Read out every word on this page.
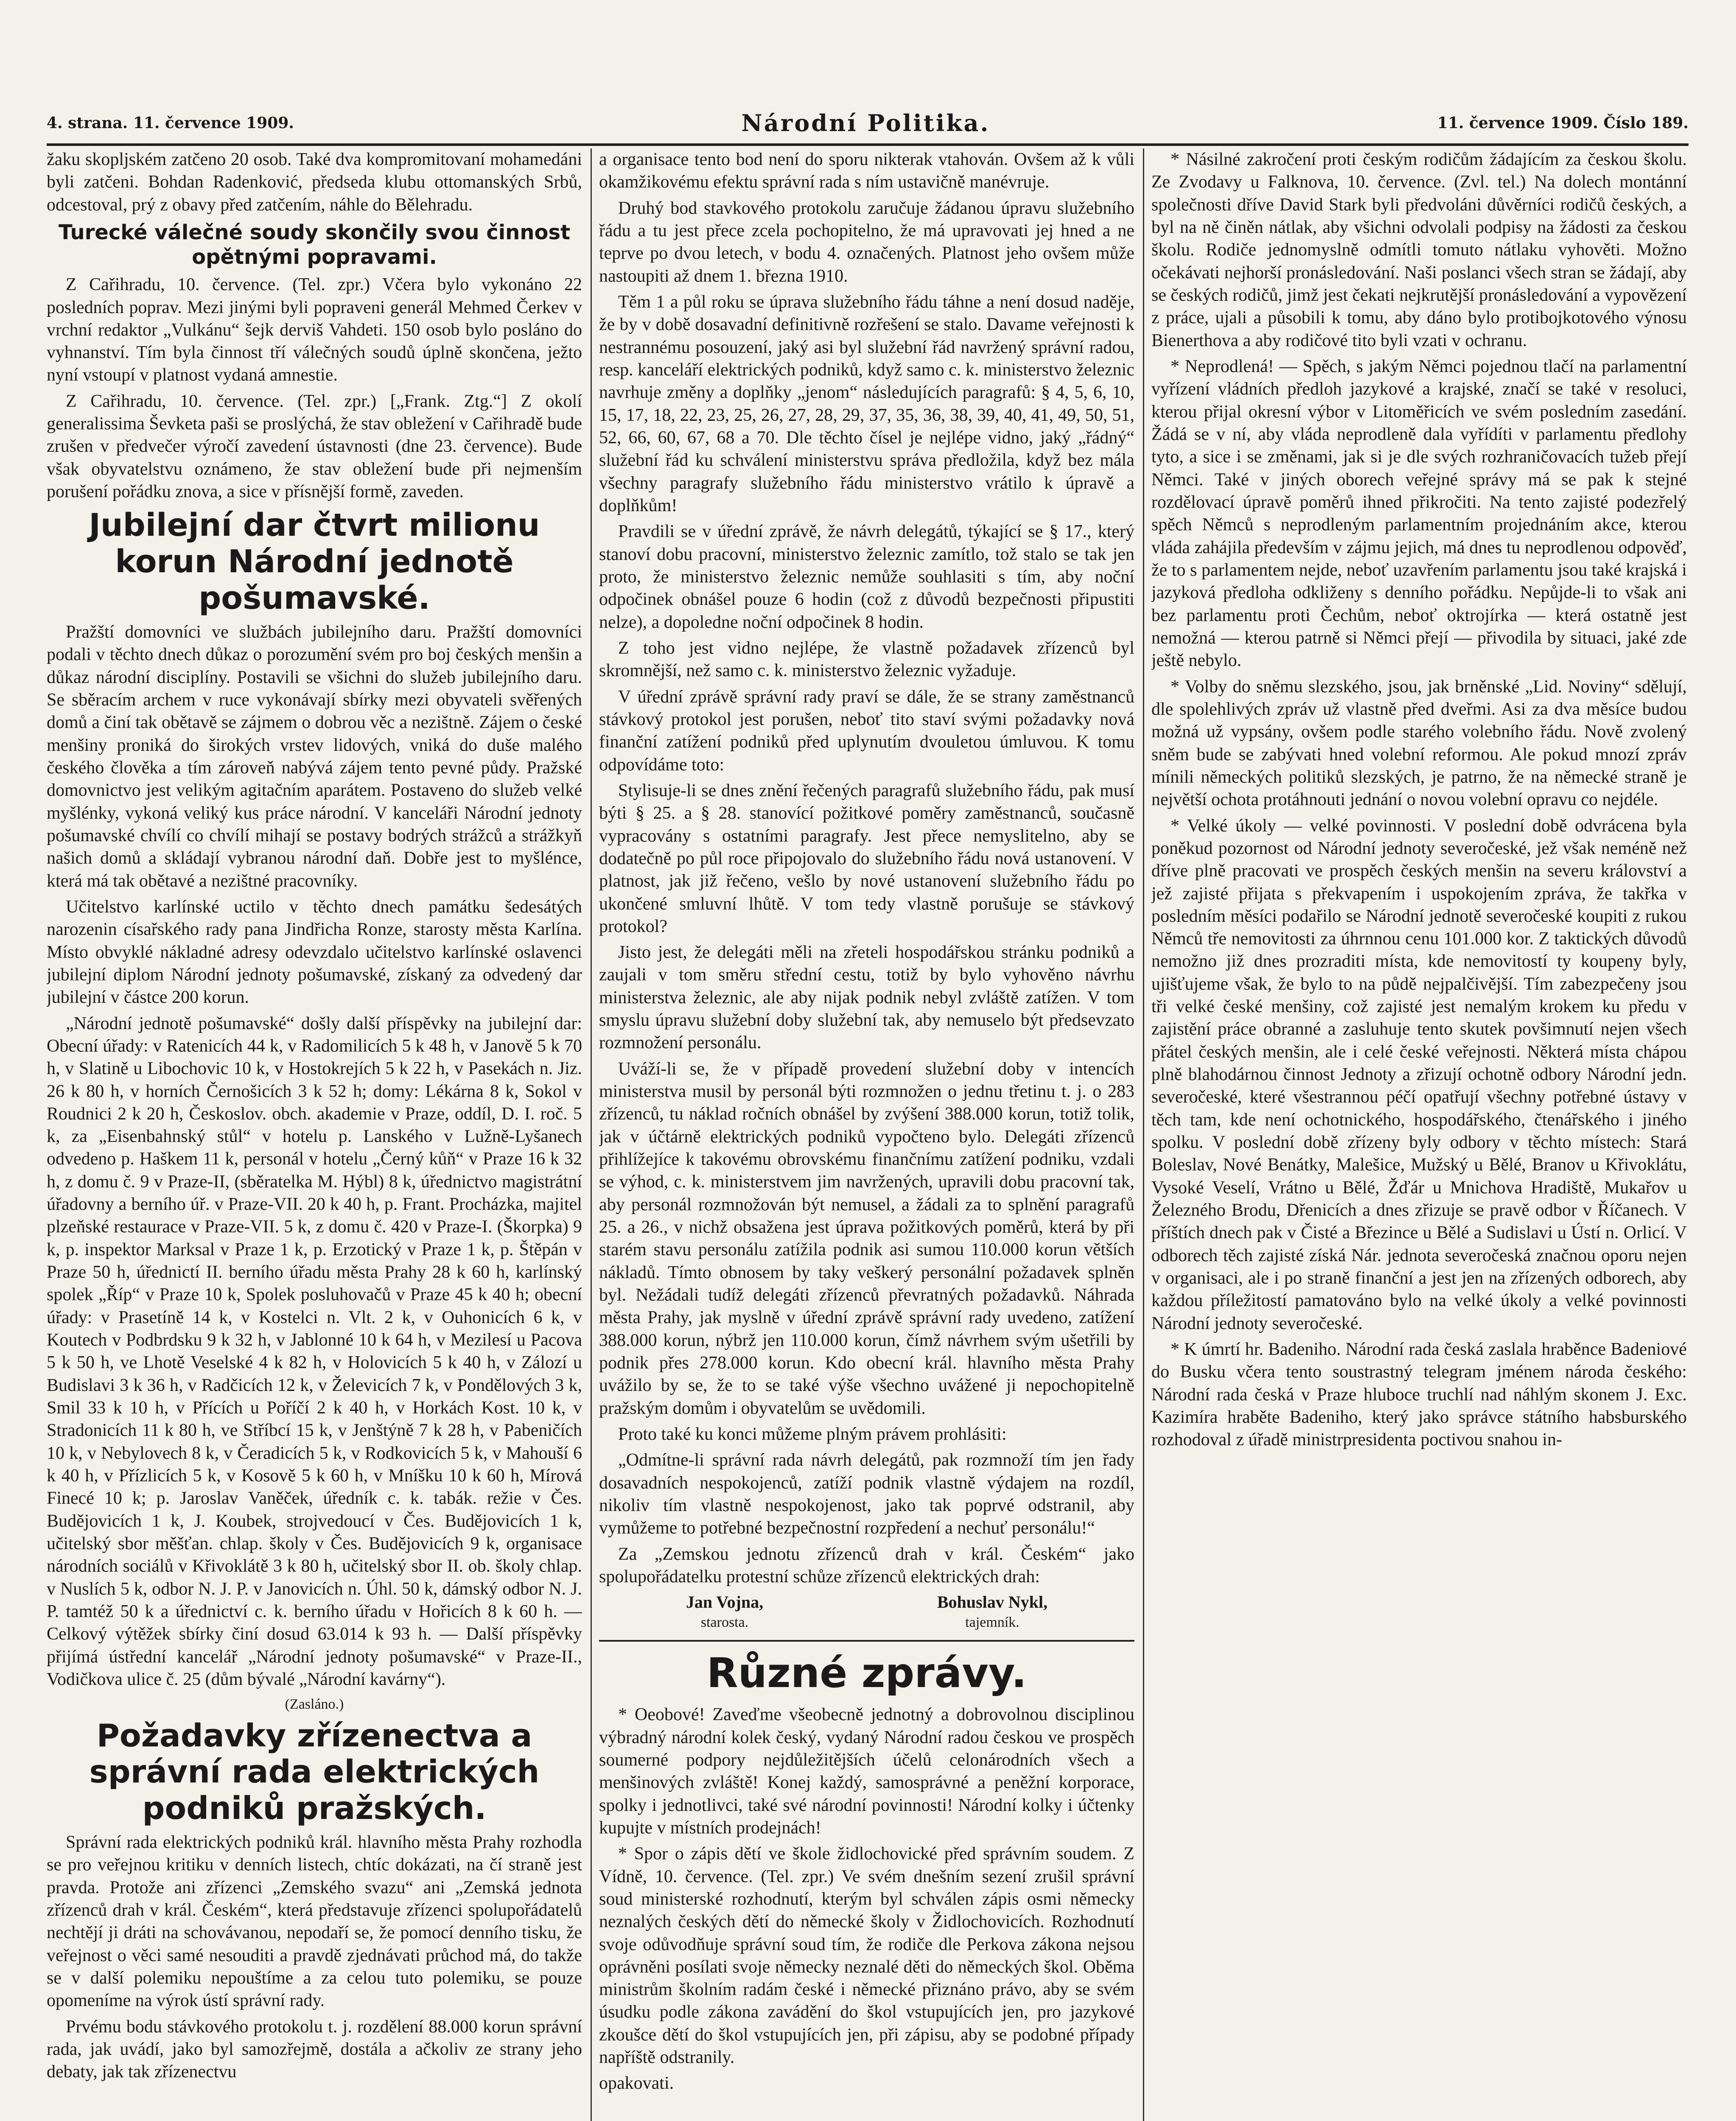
4. strana. 11. července 1909.	Národní Politika.	11. července 1909. Číslo 189.

žaku skopljském zatčeno 20 osob. Také dva kompromitovaní mohamedáni byli zatčeni. Bohdan Radenković, předseda klubu ottomanských Srbů, odcestoval, prý z obavy před zatčením, náhle do Bělehradu.

Turecké válečné soudy skončily svou činnost opětnými popravami.

Z Cařihradu, 10. července. (Tel. zpr.) Včera bylo vykonáno 22 posledních poprav. Mezi jinými byli popraveni generál Mehmed Čerkev v vrchní redaktor „Vulkánu“ šejk derviš Vahdeti. 150 osob bylo posláno do vyhnanství. Tím byla činnost tří válečných soudů úplně skončena, ježto nyní vstoupí v platnost vydaná amnestie.

Z Cařihradu, 10. července. (Tel. zpr.) [„Frank. Ztg.“] Z okolí generalissima Ševketa paši se proslýchá, že stav obležení v Cařihradě bude zrušen v předvečer výročí zavedení ústavnosti (dne 23. července). Bude však obyvatelstvu oznámeno, že stav obležení bude při nejmenším porušení pořádku znova, a sice v přísnější formě, zaveden.

Jubilejní dar čtvrt milionu korun Národní jednotě pošumavské.

Pražští domovníci ve službách jubilejního daru. Pražští domovníci podali v těchto dnech důkaz o porozumění svém pro boj českých menšin a důkaz národní disciplíny. Postavili se všichni do služeb jubilejního daru. Se sběracím archem v ruce vykonávají sbírky mezi obyvateli svěřených domů a činí tak obětavě se zájmem o dobrou věc a nezištně. Zájem o české menšiny proniká do širokých vrstev lidových, vniká do duše malého českého člověka a tím zároveň nabývá zájem tento pevné půdy. Pražské domovnictvo jest velikým agitačním aparátem. Postaveno do služeb velké myšlénky, vykoná veliký kus práce národní. V kanceláři Národní jednoty pošumavské chvílí co chvílí mihají se postavy bodrých strážců a strážkyň našich domů a skládají vybranou národní daň. Dobře jest to myšlénce, která má tak obětavé a nezištné pracovníky.

Učitelstvo karlínské uctilo v těchto dnech památku šedesátých narozenin císařského rady pana Jindřicha Ronze, starosty města Karlína. Místo obvyklé nákladné adresy odevzdalo učitelstvo karlínské oslavenci jubilejní diplom Národní jednoty pošumavské, získaný za odvedený dar jubilejní v částce 200 korun.

„Národní jednotě pošumavské“ došly další příspěvky na jubilejní dar: Obecní úřady: v Ratenicích 44 k, v Radomilicích 5 k 48 h, v Janově 5 k 70 h, v Slatině u Libochovic 10 k, v Hostokrejích 5 k 22 h, v Pasekách n. Jiz. 26 k 80 h, v horních Černošicích 3 k 52 h; domy: Lékárna 8 k, Sokol v Roudnici 2 k 20 h, Českoslov. obch. akademie v Praze, oddíl, D. I. roč. 5 k, za „Eisenbahnský stůl“ v hotelu p. Lanského v Lužně-Lyšanech odvedeno p. Haškem 11 k, personál v hotelu „Černý kůň“ v Praze 16 k 32 h, z domu č. 9 v Praze-II, (sběratelka M. Hýbl) 8 k, úřednictvo magistrátní úřadovny a berního úř. v Praze-VII. 20 k 40 h, p. Frant. Procházka, majitel plzeňské restaurace v Praze-VII. 5 k, z domu č. 420 v Praze-I. (Škorpka) 9 k, p. inspektor Marksal v Praze 1 k, p. Erzotický v Praze 1 k, p. Štěpán v Praze 50 h, úřednictí II. berního úřadu města Prahy 28 k 60 h, karlínský spolek „Říp“ v Praze 10 k, Spolek posluhovačů v Praze 45 k 40 h; obecní úřady: v Prasetíně 14 k, v Kostelci n. Vlt. 2 k, v Ouhonicích 6 k, v Koutech v Podbrdsku 9 k 32 h, v Jablonné 10 k 64 h, v Mezilesí u Pacova 5 k 50 h, ve Lhotě Veselské 4 k 82 h, v Holovicích 5 k 40 h, v Zálozí u Budislavi 3 k 36 h, v Radčicích 12 k, v Želevicích 7 k, v Pondělových 3 k, Smil 33 k 10 h, v Přících u Poříčí 2 k 40 h, v Horkách Kost. 10 k, v Stradonicích 11 k 80 h, ve Stříbcí 15 k, v Jenštýně 7 k 28 h, v Pabeničích 10 k, v Nebylovech 8 k, v Čeradicích 5 k, v Rodkovicích 5 k, v Mahouší 6 k 40 h, v Přízlicích 5 k, v Kosově 5 k 60 h, v Mníšku 10 k 60 h, Mírová Finecé 10 k; p. Jaroslav Vaněček, úředník c. k. tabák. režie v Čes. Budějovicích 1 k, J. Koubek, strojvedoucí v Čes. Budějovicích 1 k, učitelský sbor měšťan. chlap. školy v Čes. Budějovicích 9 k, organisace národních sociálů v Křivoklátě 3 k 80 h, učitelský sbor II. ob. školy chlap. v Nuslích 5 k, odbor N. J. P. v Janovicích n. Úhl. 50 k, dámský odbor N. J. P. tamtéž 50 k a úřednictví c. k. berního úřadu v Hořicích 8 k 60 h. — Celkový výtěžek sbírky činí dosud 63.014 k 93 h. — Další příspěvky přijímá ústřední kancelář „Národní jednoty pošumavské“ v Praze-II., Vodičkova ulice č. 25 (dům bývalé „Národní kavárny“).

(Zasláno.)
Požadavky zřízenectva a správní rada elektrických podniků pražských.

Správní rada elektrických podniků král. hlavního města Prahy rozhodla se pro veřejnou kritiku v denních listech, chtíc dokázati, na čí straně jest pravda. Protože ani zřízenci „Zemského svazu“ ani „Zemská jednota zřízenců drah v král. Českém“, která představuje zřízenci spolupořádatelů nechtějí ji dráti na schovávanou, nepodaří se, že pomocí denního tisku, že veřejnost o věci samé nesouditi a pravdě zjednávati průchod má, do takže se v další polemiku nepouštíme a za celou tuto polemiku, se pouze opomeníme na výrok ústí správní rady.

Prvému bodu stávkového protokolu t. j. rozdělení 88.000 korun správní rada, jak uvádí, jako byl samozřejmě, dostála a ačkoliv ze strany jeho debaty, jak tak zřízenectvu

a organisace tento bod není do sporu nikterak vtahován. Ovšem až k vůli okamžikovému efektu správní rada s ním ustavičně manévruje.

Druhý bod stavkového protokolu zaručuje žádanou úpravu služebního řádu a tu jest přece zcela pochopitelno, že má upravovati jej hned a ne teprve po dvou letech, v bodu 4. označených. Platnost jeho ovšem může nastoupiti až dnem 1. března 1910.

Těm 1 a půl roku se úprava služebního řádu táhne a není dosud naděje, že by v době dosavadní definitivně rozřešení se stalo. Davame veřejnosti k nestrannému posouzení, jaký asi byl služební řád navržený správní radou, resp. kanceláří elektrických podniků, když samo c. k. ministerstvo železnic navrhuje změny a doplňky „jenom“ následujících paragrafů: § 4, 5, 6, 10, 15, 17, 18, 22, 23, 25, 26, 27, 28, 29, 37, 35, 36, 38, 39, 40, 41, 49, 50, 51, 52, 66, 60, 67, 68 a 70. Dle těchto čísel je nejlépe vidno, jaký „řádný“ služební řád ku schválení ministerstvu správa předložila, když bez mála všechny paragrafy služebního řádu ministerstvo vrátilo k úpravě a doplňkům!

Pravdili se v úřední zprávě, že návrh delegátů, týkající se § 17., který stanoví dobu pracovní, ministerstvo železnic zamítlo, tož stalo se tak jen proto, že ministerstvo železnic nemůže souhlasiti s tím, aby noční odpočinek obnášel pouze 6 hodin (což z důvodů bezpečnosti připustiti nelze), a dopoledne noční odpočinek 8 hodin.

Z toho jest vidno nejlépe, že vlastně požadavek zřízenců byl skromnější, než samo c. k. ministerstvo železnic vyžaduje.

V úřední zprávě správní rady praví se dále, že se strany zaměstnanců stávkový protokol jest porušen, neboť tito staví svými požadavky nová finanční zatížení podniků před uplynutím dvouletou úmluvou. K tomu odpovídáme toto:

Stylisuje-li se dnes znění řečených paragrafů služebního řádu, pak musí býti § 25. a § 28. stanovící požitkové poměry zaměstnanců, současně vypracovány s ostatními paragrafy. Jest přece nemyslitelno, aby se dodatečně po půl roce připojovalo do služebního řádu nová ustanovení. V platnost, jak již řečeno, vešlo by nové ustanovení služebního řádu po ukončené smluvní lhůtě. V tom tedy vlastně porušuje se stávkový protokol?

Jisto jest, že delegáti měli na zřeteli hospodářskou stránku podniků a zaujali v tom směru střední cestu, totiž by bylo vyhověno návrhu ministerstva železnic, ale aby nijak podnik nebyl zvláště zatížen. V tom smyslu úpravu služební doby služební tak, aby nemuselo být předsevzato rozmnožení personálu.

Uváží-li se, že v případě provedení služební doby v intencích ministerstva musil by personál býti rozmnožen o jednu třetinu t. j. o 283 zřízenců, tu náklad ročních obnášel by zvýšení 388.000 korun, totiž tolik, jak v účtárně elektrických podniků vypočteno bylo. Delegáti zřízenců přihlížejíce k takovému obrovskému finančnímu zatížení podniku, vzdali se výhod, c. k. ministerstvem jim navržených, upravili dobu pracovní tak, aby personál rozmnožován být nemusel, a žádali za to splnění paragrafů 25. a 26., v nichž obsažena jest úprava požitkových poměrů, která by při starém stavu personálu zatížila podnik asi sumou 110.000 korun větších nákladů. Tímto obnosem by taky veškerý personální požadavek splněn byl. Nežádali tudíž delegáti zřízenců převratných požadavků. Náhrada města Prahy, jak myslně v úřední zprávě správní rady uvedeno, zatížení 388.000 korun, nýbrž jen 110.000 korun, čímž návrhem svým ušetřili by podnik přes 278.000 korun. Kdo obecní král. hlavního města Prahy uvážilo by se, že to se také výše všechno uvážené ji nepochopitelně pražským domům i obyvatelům se uvědomili.

Proto také ku konci můžeme plným právem prohlásiti:

„Odmítne-li správní rada návrh delegátů, pak rozmnoží tím jen řady dosavadních nespokojenců, zatíží podnik vlastně výdajem na rozdíl, nikoliv tím vlastně nespokojenost, jako tak poprvé odstranil, aby vymůžeme to potřebné bezpečnostní rozpředení a nechuť personálu!“

Za „Zemskou jednotu zřízenců drah v král. Českém“ jako spolupořádatelku protestní schůze zřízenců elektrických drah:

Jan Vojna,
starosta.
Bohuslav Nykl,
tajemník.
Různé zprávy.

* Oeobové! Zaveďme všeobecně jednotný a dobrovolnou disciplinou výbradný národní kolek český, vydaný Národní radou českou ve prospěch soumerné podpory nejdůležitějších účelů celonárodních všech a menšinových zvláště! Konej každý, samosprávné a peněžní korporace, spolky i jednotlivci, také své národní povinnosti! Národní kolky i účtenky kupujte v místních prodejnách!

* Spor o zápis dětí ve škole židlochovické před správním soudem. Z Vídně, 10. července. (Tel. zpr.) Ve svém dnešním sezení zrušil správní soud ministerské rozhodnutí, kterým byl schválen zápis osmi německy neznalých českých dětí do německé školy v Židlochovicích. Rozhodnutí svoje odůvodňuje správní soud tím, že rodiče dle Perkova zákona nejsou oprávněni posílati svoje německy neznalé děti do německých škol. Oběma ministrům školním radám české i německé přiznáno právo, aby se svém úsudku podle zákona zavádění do škol vstupujících jen, pro jazykové zkoušce dětí do škol vstupujících jen, při zápisu, aby se podobné případy napříště odstranily.

opakovati.

* Násilné zakročení proti českým rodičům žádajícím za českou školu. Ze Zvodavy u Falknova, 10. července. (Zvl. tel.) Na dolech montánní společnosti dříve David Stark byli předvoláni důvěrníci rodičů českých, a byl na ně činěn nátlak, aby všichni odvolali podpisy na žádosti za českou školu. Rodiče jednomyslně odmítli tomuto nátlaku vyhověti. Možno očekávati nejhorší pronásledování. Naši poslanci všech stran se žádají, aby se českých rodičů, jimž jest čekati nejkrutější pronásledování a vypovězení z práce, ujali a působili k tomu, aby dáno bylo protibojkotového výnosu Bienerthova a aby rodičové tito byli vzati v ochranu.

* Neprodlená! — Spěch, s jakým Němci pojednou tlačí na parlamentní vyřízení vládních předloh jazykové a krajské, značí se také v resoluci, kterou přijal okresní výbor v Litoměřicích ve svém posledním zasedání. Žádá se v ní, aby vláda neprodleně dala vyřídíti v parlamentu předlohy tyto, a sice i se změnami, jak si je dle svých rozhraničovacích tužeb přejí Němci. Také v jiných oborech veřejné správy má se pak k stejné rozdělovací úpravě poměrů ihned přikročiti. Na tento zajisté podezřelý spěch Němců s neprodleným parlamentním projednáním akce, kterou vláda zahájila především v zájmu jejich, má dnes tu neprodlenou odpověď, že to s parlamentem nejde, neboť uzavřením parlamentu jsou také krajská i jazyková předloha odkliženy s denního pořádku. Nepůjde-li to však ani bez parlamentu proti Čechům, neboť oktrojírka — která ostatně jest nemožná — kterou patrně si Němci přejí — přivodila by situaci, jaké zde ještě nebylo.

* Volby do sněmu slezského, jsou, jak brněnské „Lid. Noviny“ sdělují, dle spolehlivých zpráv už vlastně před dveřmi. Asi za dva měsíce budou možná už vypsány, ovšem podle starého volebního řádu. Nově zvolený sněm bude se zabývati hned volební reformou. Ale pokud mnozí zpráv mínili německých politiků slezských, je patrno, že na německé straně je největší ochota protáhnouti jednání o novou volební opravu co nejdéle.

* Velké úkoly — velké povinnosti. V poslední době odvrácena byla poněkud pozornost od Národní jednoty severočeské, jež však neméně než dříve plně pracovati ve prospěch českých menšin na severu království a jež zajisté přijata s překvapením i uspokojením zpráva, že takřka v posledním měsíci podařilo se Národní jednotě severočeské koupiti z rukou Němců tře nemovitosti za úhrnnou cenu 101.000 kor. Z taktických důvodů nemožno již dnes prozraditi místa, kde nemovitostí ty koupeny byly, ujišťujeme však, že bylo to na půdě nejpalčivější. Tím zabezpečeny jsou tři velké české menšiny, což zajisté jest nemalým krokem ku předu v zajistění práce obranné a zasluhuje tento skutek povšimnutí nejen všech přátel českých menšin, ale i celé české veřejnosti. Některá místa chápou plně blahodárnou činnost Jednoty a zřizují ochotně odbory Národní jedn. severočeské, které všestrannou péčí opatřují všechny potřebné ústavy v těch tam, kde není ochotnického, hospodářského, čtenářského i jiného spolku. V poslední době zřízeny byly odbory v těchto místech: Stará Boleslav, Nové Benátky, Malešice, Mužský u Bělé, Branov u Křivoklátu, Vysoké Veselí, Vrátno u Bělé, Žďár u Mnichova Hradiště, Mukařov u Železného Brodu, Dřenicích a dnes zřizuje se pravě odbor v Říčanech. V příštích dnech pak v Čisté a Březince u Bělé a Sudislavi u Ústí n. Orlicí. V odborech těch zajisté získá Nár. jednota severočeská značnou oporu nejen v organisaci, ale i po straně finanční a jest jen na zřízených odborech, aby každou příležitostí pamatováno bylo na velké úkoly a velké povinnosti Národní jednoty severočeské.

* K úmrtí hr. Badeniho. Národní rada česká zaslala hraběnce Badeniové do Busku včera tento soustrastný telegram jménem národa českého: Národní rada česká v Praze hluboce truchlí nad náhlým skonem J. Exc. Kazimíra hraběte Badeniho, který jako správce státního habsburského rozhodoval z úřadě ministrpresidenta poctivou snahou in-
